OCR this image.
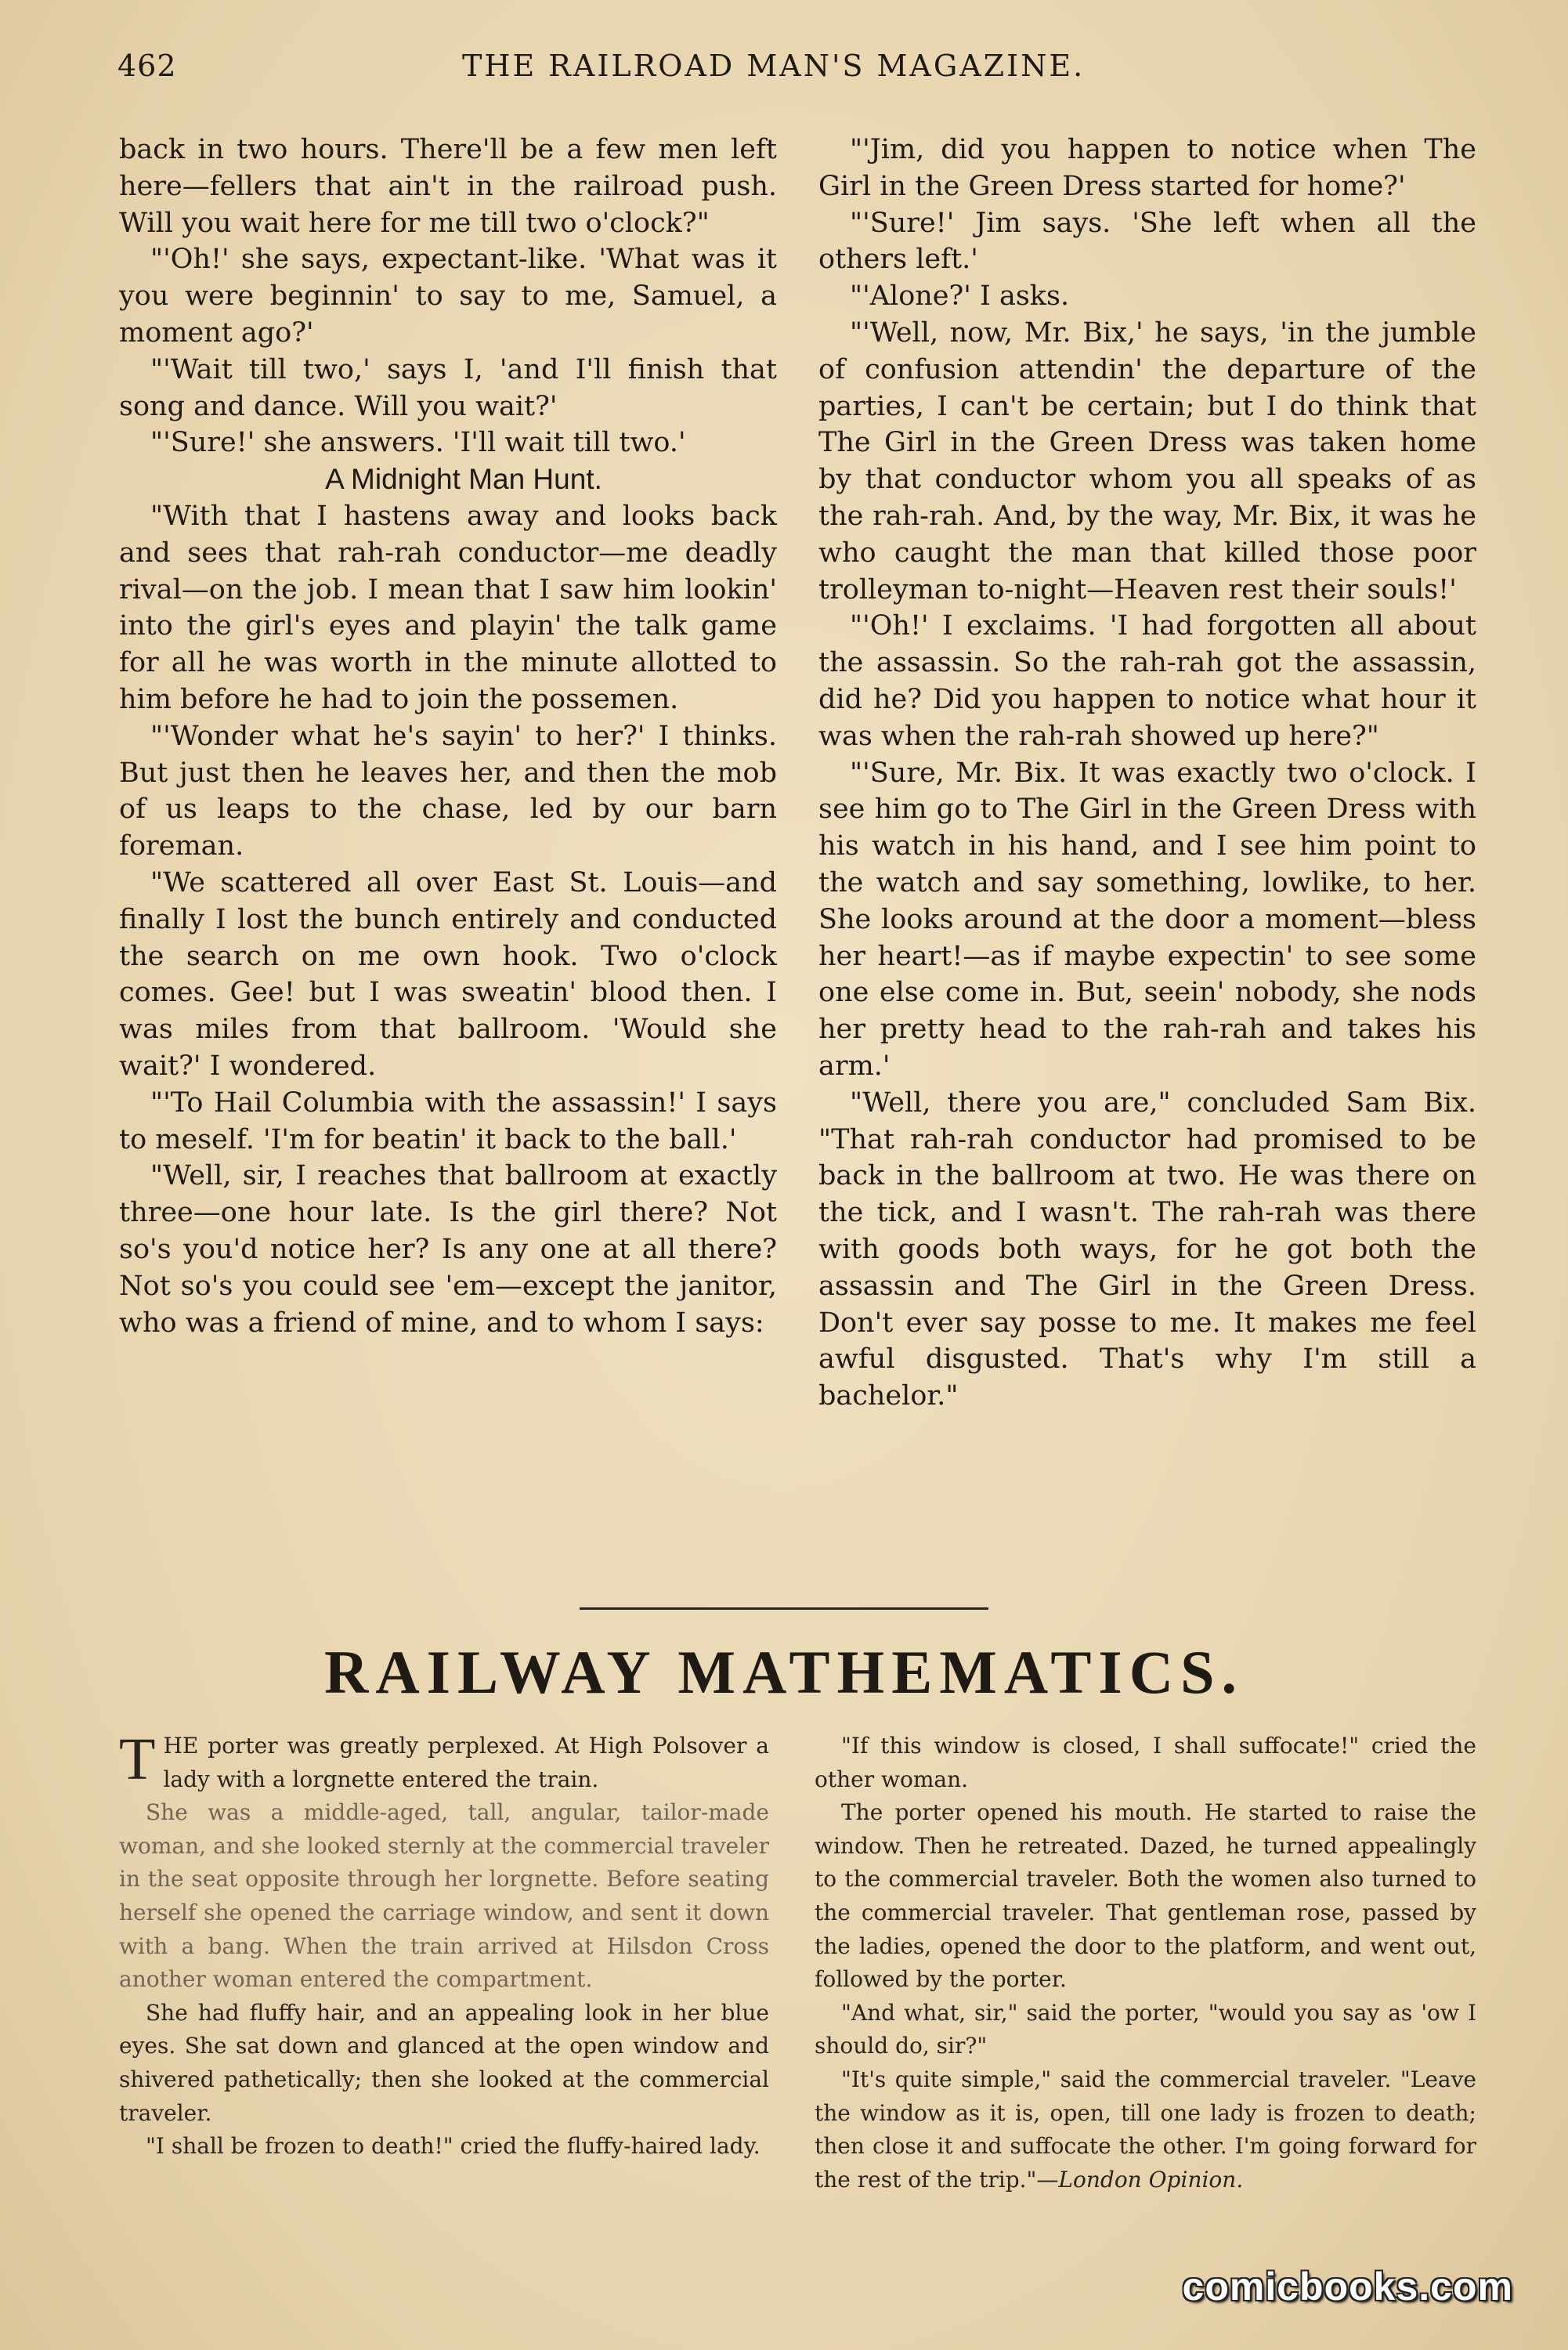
462	THE RAILROAD MAN'S MAGAZINE.

back in two hours. There'll be a few men left here—fellers that ain't in the railroad push. Will you wait here for me till two o'clock?"

"'Oh!' she says, expectant-like. 'What was it you were beginnin' to say to me, Samuel, a moment ago?'

"'Wait till two,' says I, 'and I'll finish that song and dance. Will you wait?'

"'Sure!' she answers. 'I'll wait till two.'

A Midnight Man Hunt.

"With that I hastens away and looks back and sees that rah-rah conductor—me deadly rival—on the job. I mean that I saw him lookin' into the girl's eyes and playin' the talk game for all he was worth in the minute allotted to him before he had to join the possemen.

"'Wonder what he's sayin' to her?' I thinks. But just then he leaves her, and then the mob of us leaps to the chase, led by our barn foreman.

"We scattered all over East St. Louis—and finally I lost the bunch entirely and conducted the search on me own hook. Two o'clock comes. Gee! but I was sweatin' blood then. I was miles from that ballroom. 'Would she wait?' I wondered.

"'To Hail Columbia with the assassin!' I says to meself. 'I'm for beatin' it back to the ball.'

"Well, sir, I reaches that ballroom at exactly three—one hour late. Is the girl there? Not so's you'd notice her? Is any one at all there? Not so's you could see 'em—except the janitor, who was a friend of mine, and to whom I says:

"'Jim, did you happen to notice when The Girl in the Green Dress started for home?'

"'Sure!' Jim says. 'She left when all the others left.'

"'Alone?' I asks.

"'Well, now, Mr. Bix,' he says, 'in the jumble of confusion attendin' the departure of the parties, I can't be certain; but I do think that The Girl in the Green Dress was taken home by that conductor whom you all speaks of as the rah-rah. And, by the way, Mr. Bix, it was he who caught the man that killed those poor trolleyman to-night—Heaven rest their souls!'

"'Oh!' I exclaims. 'I had forgotten all about the assassin. So the rah-rah got the assassin, did he? Did you happen to notice what hour it was when the rah-rah showed up here?"

"'Sure, Mr. Bix. It was exactly two o'clock. I see him go to The Girl in the Green Dress with his watch in his hand, and I see him point to the watch and say something, lowlike, to her. She looks around at the door a moment—bless her heart!—as if maybe expectin' to see some one else come in. But, seein' nobody, she nods her pretty head to the rah-rah and takes his arm.'

"Well, there you are," concluded Sam Bix. "That rah-rah conductor had promised to be back in the ballroom at two. He was there on the tick, and I wasn't. The rah-rah was there with goods both ways, for he got both the assassin and The Girl in the Green Dress. Don't ever say posse to me. It makes me feel awful disgusted. That's why I'm still a bachelor."

RAILWAY MATHEMATICS.

THE porter was greatly perplexed. At High Polsover a lady with a lorgnette entered the train.

She was a middle-aged, tall, angular, tailor-made woman, and she looked sternly at the commercial traveler in the seat opposite through her lorgnette. Before seating herself she opened the carriage window, and sent it down with a bang. When the train arrived at Hilsdon Cross another woman entered the compartment.

She had fluffy hair, and an appealing look in her blue eyes. She sat down and glanced at the open window and shivered pathetically; then she looked at the commercial traveler.

"I shall be frozen to death!" cried the fluffy-haired lady.

"If this window is closed, I shall suffocate!" cried the other woman.

The porter opened his mouth. He started to raise the window. Then he retreated. Dazed, he turned appealingly to the commercial traveler. Both the women also turned to the commercial traveler. That gentleman rose, passed by the ladies, opened the door to the platform, and went out, followed by the porter.

"And what, sir," said the porter, "would you say as 'ow I should do, sir?"

"It's quite simple," said the commercial traveler. "Leave the window as it is, open, till one lady is frozen to death; then close it and suffocate the other. I'm going forward for the rest of the trip."—London Opinion.

comicbooks.com
